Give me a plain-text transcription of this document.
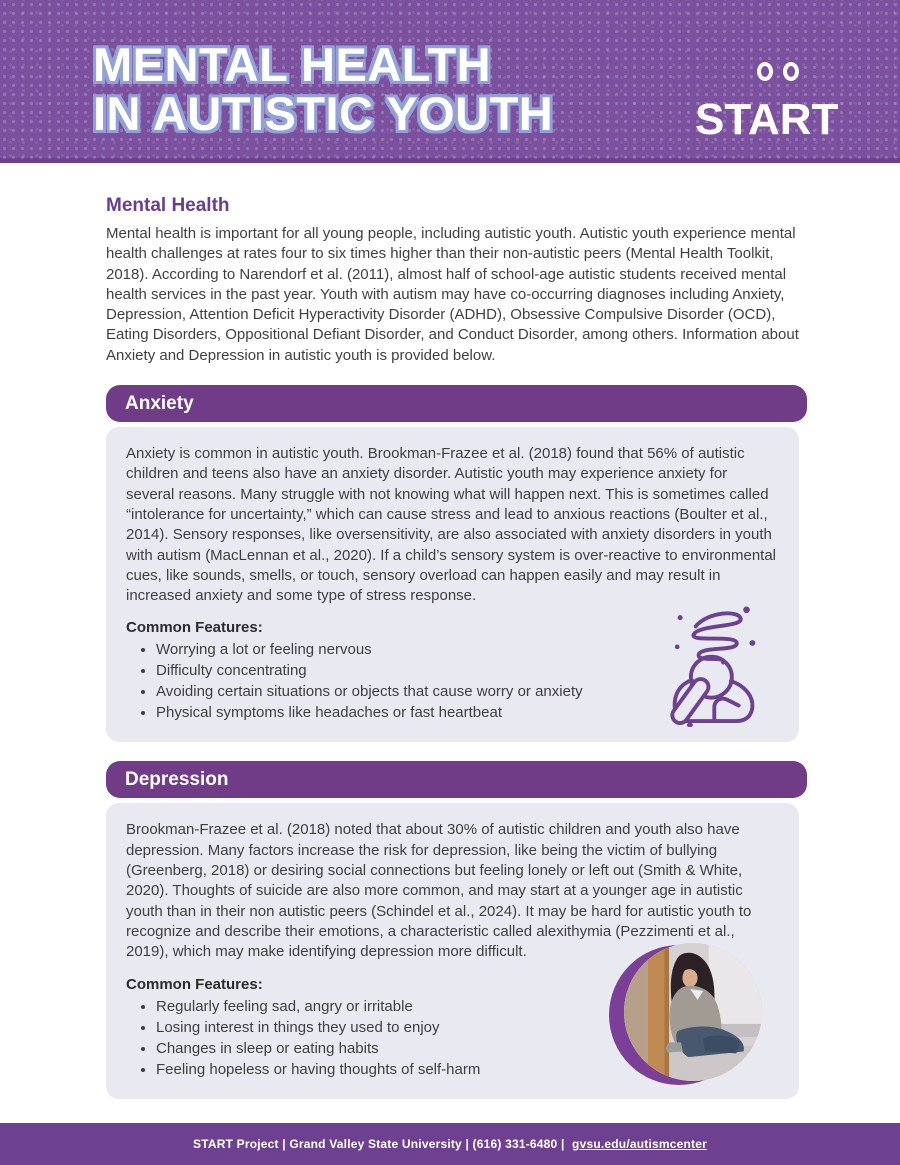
MENTAL HEALTH
IN AUTISTIC YOUTH	START
Mental Health

Mental health is important for all young people, including autistic youth. Autistic youth experience mental health challenges at rates four to six times higher than their non-autistic peers (Mental Health Toolkit, 2018). According to Narendorf et al. (2011), almost half of school-age autistic students received mental health services in the past year. Youth with autism may have co-occurring diagnoses including Anxiety, Depression, Attention Deficit Hyperactivity Disorder (ADHD), Obsessive Compulsive Disorder (OCD), Eating Disorders, Oppositional Defiant Disorder, and Conduct Disorder, among others. Information about Anxiety and Depression in autistic youth is provided below.

Anxiety

Anxiety is common in autistic youth. Brookman-Frazee et al. (2018) found that 56% of autistic children and teens also have an anxiety disorder. Autistic youth may experience anxiety for several reasons. Many struggle with not knowing what will happen next. This is sometimes called “intolerance for uncertainty,” which can cause stress and lead to anxious reactions (Boulter et al., 2014). Sensory responses, like oversensitivity, are also associated with anxiety disorders in youth with autism (MacLennan et al., 2020). If a child’s sensory system is over-reactive to environmental cues, like sounds, smells, or touch, sensory overload can happen easily and may result in increased anxiety and some type of stress response.

Common Features:
• Worrying a lot or feeling nervous
• Difficulty concentrating
• Avoiding certain situations or objects that cause worry or anxiety
• Physical symptoms like headaches or fast heartbeat
Depression

Brookman-Frazee et al. (2018) noted that about 30% of autistic children and youth also have depression. Many factors increase the risk for depression, like being the victim of bullying (Greenberg, 2018) or desiring social connections but feeling lonely or left out (Smith & White, 2020). Thoughts of suicide are also more common, and may start at a younger age in autistic youth than in their non autistic peers (Schindel et al., 2024). It may be hard for autistic youth to recognize and describe their emotions, a characteristic called alexithymia (Pezzimenti et al., 2019), which may make identifying depression more difficult.

Common Features:
• Regularly feeling sad, angry or irritable
• Losing interest in things they used to enjoy
• Changes in sleep or eating habits
• Feeling hopeless or having thoughts of self-harm
START Project | Grand Valley State University | (616) 331-6480 | gvsu.edu/autismcenter
